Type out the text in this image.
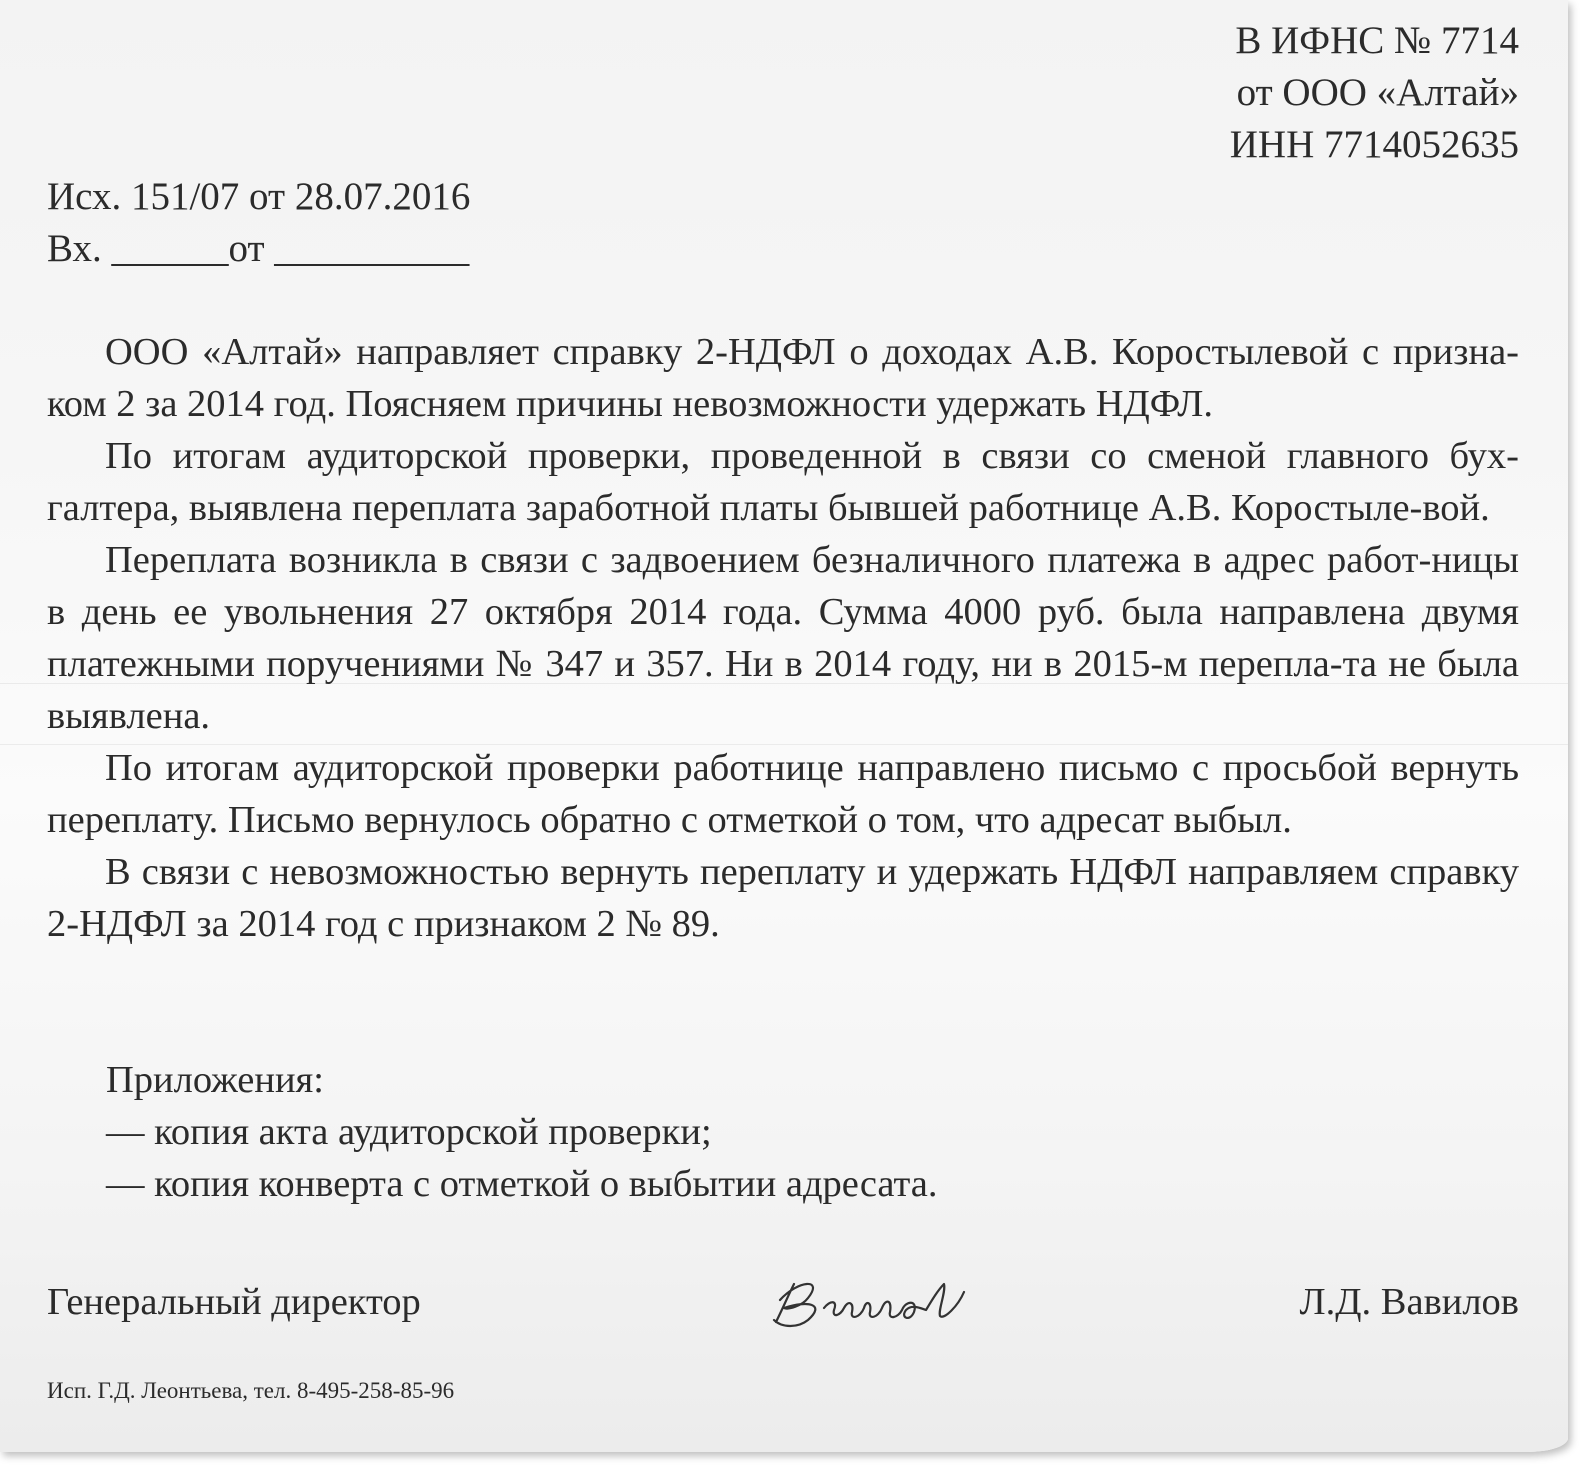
В ИФНС № 7714
от ООО «Алтай»
ИНН 7714052635
Исх. 151/07 от 28.07.2016
Вх. ______от __________

ООО «Алтай» направляет справку 2-НДФЛ о доходах А.В. Коростылевой с призна-ком 2 за 2014 год. Поясняем причины невозможности удержать НДФЛ.

По итогам аудиторской проверки, проведенной в связи со сменой главного бух-галтера, выявлена переплата заработной платы бывшей работнице А.В. Коростыле-вой.

Переплата возникла в связи с задвоением безналичного платежа в адрес работ-ницы в день ее увольнения 27 октября 2014 года. Сумма 4000 руб. была направлена двумя платежными поручениями № 347 и 357. Ни в 2014 году, ни в 2015-м перепла-та не была выявлена.

По итогам аудиторской проверки работнице направлено письмо с просьбой вернуть переплату. Письмо вернулось обратно с отметкой о том, что адресат выбыл.

В связи с невозможностью вернуть переплату и удержать НДФЛ направляем справку 2-НДФЛ за 2014 год с признаком 2 № 89.

Приложения:
— копия акта аудиторской проверки;
— копия конверта с отметкой о выбытии адресата.
Генеральный директор	Л.Д. Вавилов
Исп. Г.Д. Леонтьева, тел. 8-495-258-85-96
